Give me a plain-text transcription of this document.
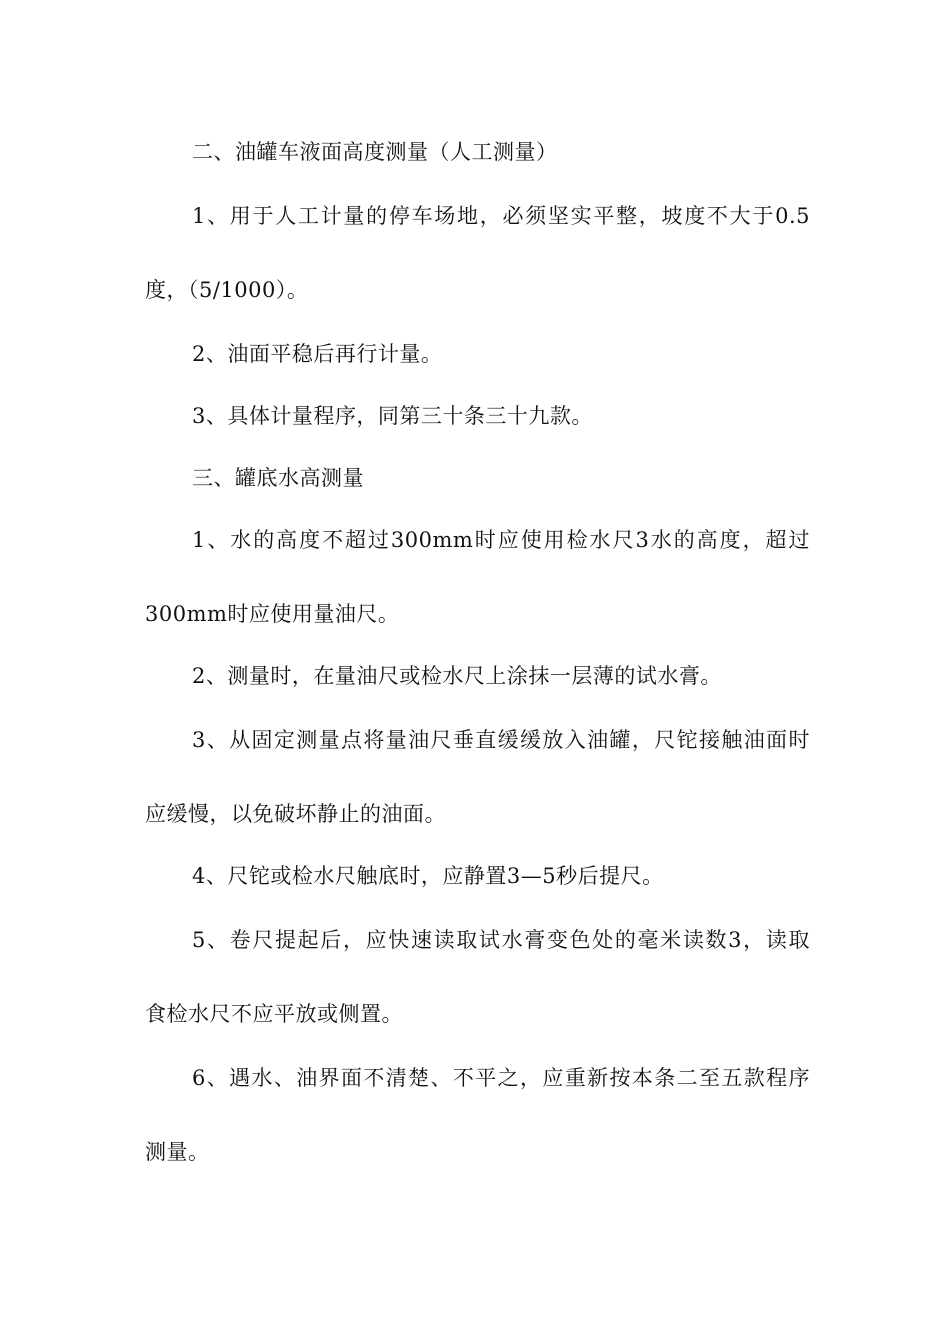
二、油罐车液面高度测量（人工测量）
1、用于人工计量的停车场地，必须坚实平整，坡度不大于0.5
度，（5/1000）。
2、油面平稳后再行计量。
3、具体计量程序，同第三十条三十九款。
三、罐底水高测量
1、水的高度不超过300mm时应使用检水尺3水的高度，超过
300mm时应使用量油尺。
2、测量时，在量油尺或检水尺上涂抹一层薄的试水膏。
3、从固定测量点将量油尺垂直缓缓放入油罐，尺铊接触油面时
应缓慢，以免破坏静止的油面。
4、尺铊或检水尺触底时，应静置3—5秒后提尺。
5、卷尺提起后，应快速读取试水膏变色处的毫米读数3，读取
食检水尺不应平放或侧置。
6、遇水、油界面不清楚、不平之，应重新按本条二至五款程序
测量。
